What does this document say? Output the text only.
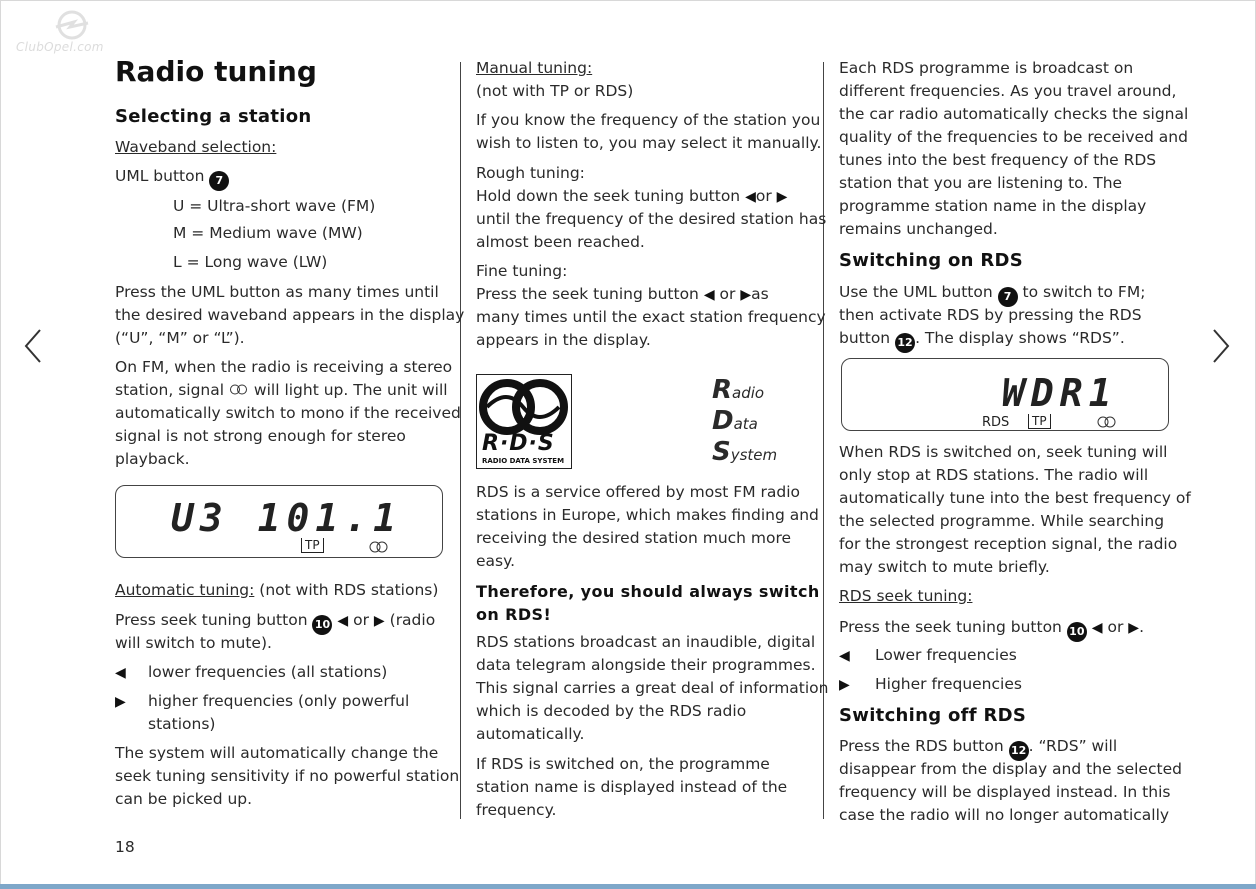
ClubOpel.com
Radio tuning
Selecting a station

Waveband selection:

UML button 7

U = Ultra-short wave (FM)

M = Medium wave (MW)

L = Long wave (LW)

Press the UML button as many times until

the desired waveband appears in the display

(“U”, “M” or “L”).

On FM, when the radio is receiving a stereo

station, signal will light up. The unit will

automatically switch to mono if the received

signal is not strong enough for stereo

playback.

U3 101.1
TP

Automatic tuning: (not with RDS stations)

Press seek tuning button 10 ◀ or ▶ (radio

will switch to mute).

◀ lower frequencies (all stations)

▶ higher frequencies (only powerful

stations)

The system will automatically change the

seek tuning sensitivity if no powerful station

can be picked up.

18

Manual tuning:

(not with TP or RDS)

If you know the frequency of the station you

wish to listen to, you may select it manually.

Rough tuning:

Hold down the seek tuning button ◀or ▶

until the frequency of the desired station has

almost been reached.

Fine tuning:

Press the seek tuning button ◀ or ▶as

many times until the exact station frequency

appears in the display.

R·D·S
RADIO DATA SYSTEM
Radio
Data
System

RDS is a service offered by most FM radio

stations in Europe, which makes finding and

receiving the desired station much more

easy.

Therefore, you should always switch

on RDS!

RDS stations broadcast an inaudible, digital

data telegram alongside their programmes.

This signal carries a great deal of information

which is decoded by the RDS radio

automatically.

If RDS is switched on, the programme

station name is displayed instead of the

frequency.

Each RDS programme is broadcast on

different frequencies. As you travel around,

the car radio automatically checks the signal

quality of the frequencies to be received and

tunes into the best frequency of the RDS

station that you are listening to. The

programme station name in the display

remains unchanged.

Switching on RDS

Use the UML button 7 to switch to FM;

then activate RDS by pressing the RDS

button 12 . The display shows “RDS”.

WDR1
RDS	TP

When RDS is switched on, seek tuning will

only stop at RDS stations. The radio will

automatically tune into the best frequency of

the selected programme. While searching

for the strongest reception signal, the radio

may switch to mute briefly.

RDS seek tuning:

Press the seek tuning button 10 ◀ or ▶.

◀ Lower frequencies

▶ Higher frequencies

Switching off RDS

Press the RDS button 12 . “RDS” will

disappear from the display and the selected

frequency will be displayed instead. In this

case the radio will no longer automatically
